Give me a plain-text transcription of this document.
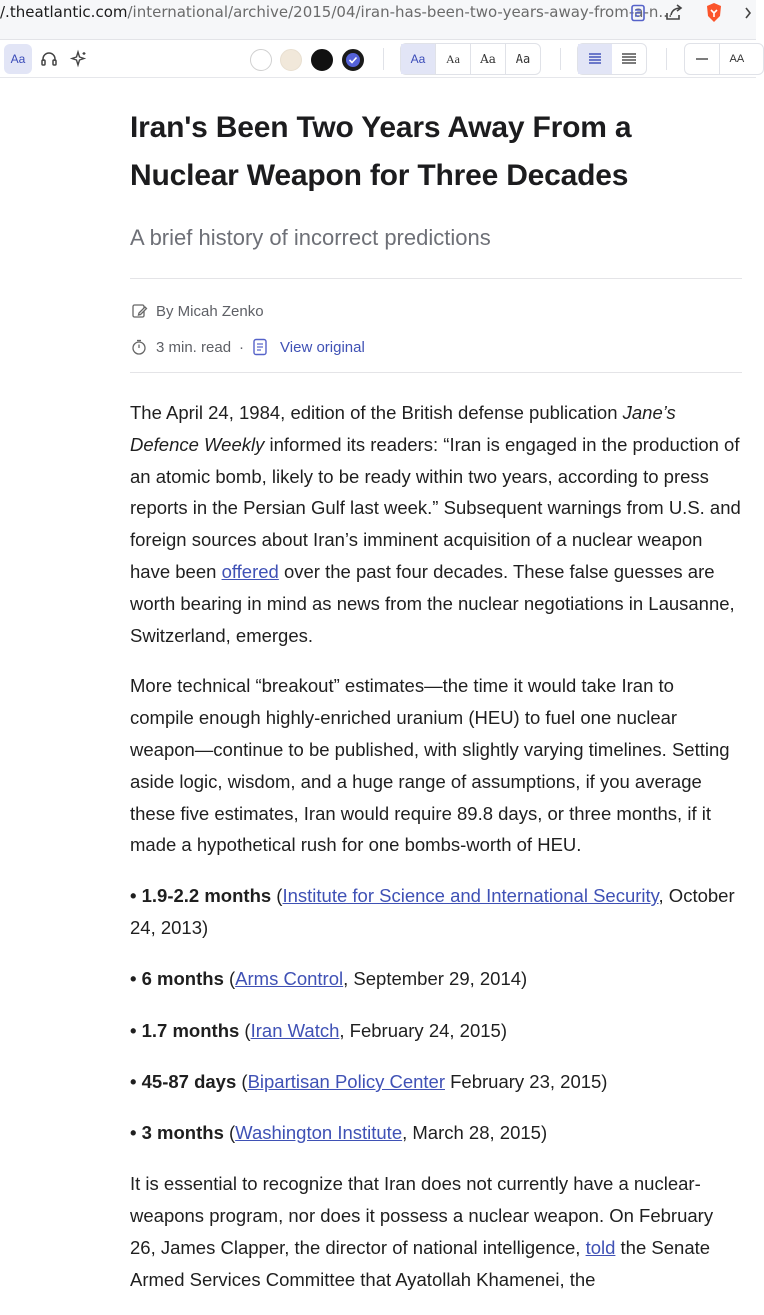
/.theatlantic.com/international/archive/2015/04/iran-has-been-two-years-away-from-a-n...
Aa	Aa	Aa	Aa	Aa	AA
Iran's Been Two Years Away From a Nuclear Weapon for Three Decades
A brief history of incorrect predictions
By Micah Zenko
3 min. read · View original

The April 24, 1984, edition of the British defense publication Jane’s Defence Weekly informed its readers: “Iran is engaged in the production of an atomic bomb, likely to be ready within two years, according to press reports in the Persian Gulf last week.” Subsequent warnings from U.S. and foreign sources about Iran’s imminent acquisition of a nuclear weapon have been offered over the past four decades. These false guesses are worth bearing in mind as news from the nuclear negotiations in Lausanne, Switzerland, emerges.

More technical “breakout” estimates—the time it would take Iran to compile enough highly-enriched uranium (HEU) to fuel one nuclear weapon—continue to be published, with slightly varying timelines. Setting aside logic, wisdom, and a huge range of assumptions, if you average these five estimates, Iran would require 89.8 days, or three months, if it made a hypothetical rush for one bombs-worth of HEU.

• 1.9-2.2 months (Institute for Science and International Security, October 24, 2013)
• 6 months (Arms Control, September 29, 2014)
• 1.7 months (Iran Watch, February 24, 2015)
• 45-87 days (Bipartisan Policy Center February 23, 2015)
• 3 months (Washington Institute, March 28, 2015)

It is essential to recognize that Iran does not currently have a nuclear-weapons program, nor does it possess a nuclear weapon. On February 26, James Clapper, the director of national intelligence, told the Senate Armed Services Committee that Ayatollah Khamenei, the
